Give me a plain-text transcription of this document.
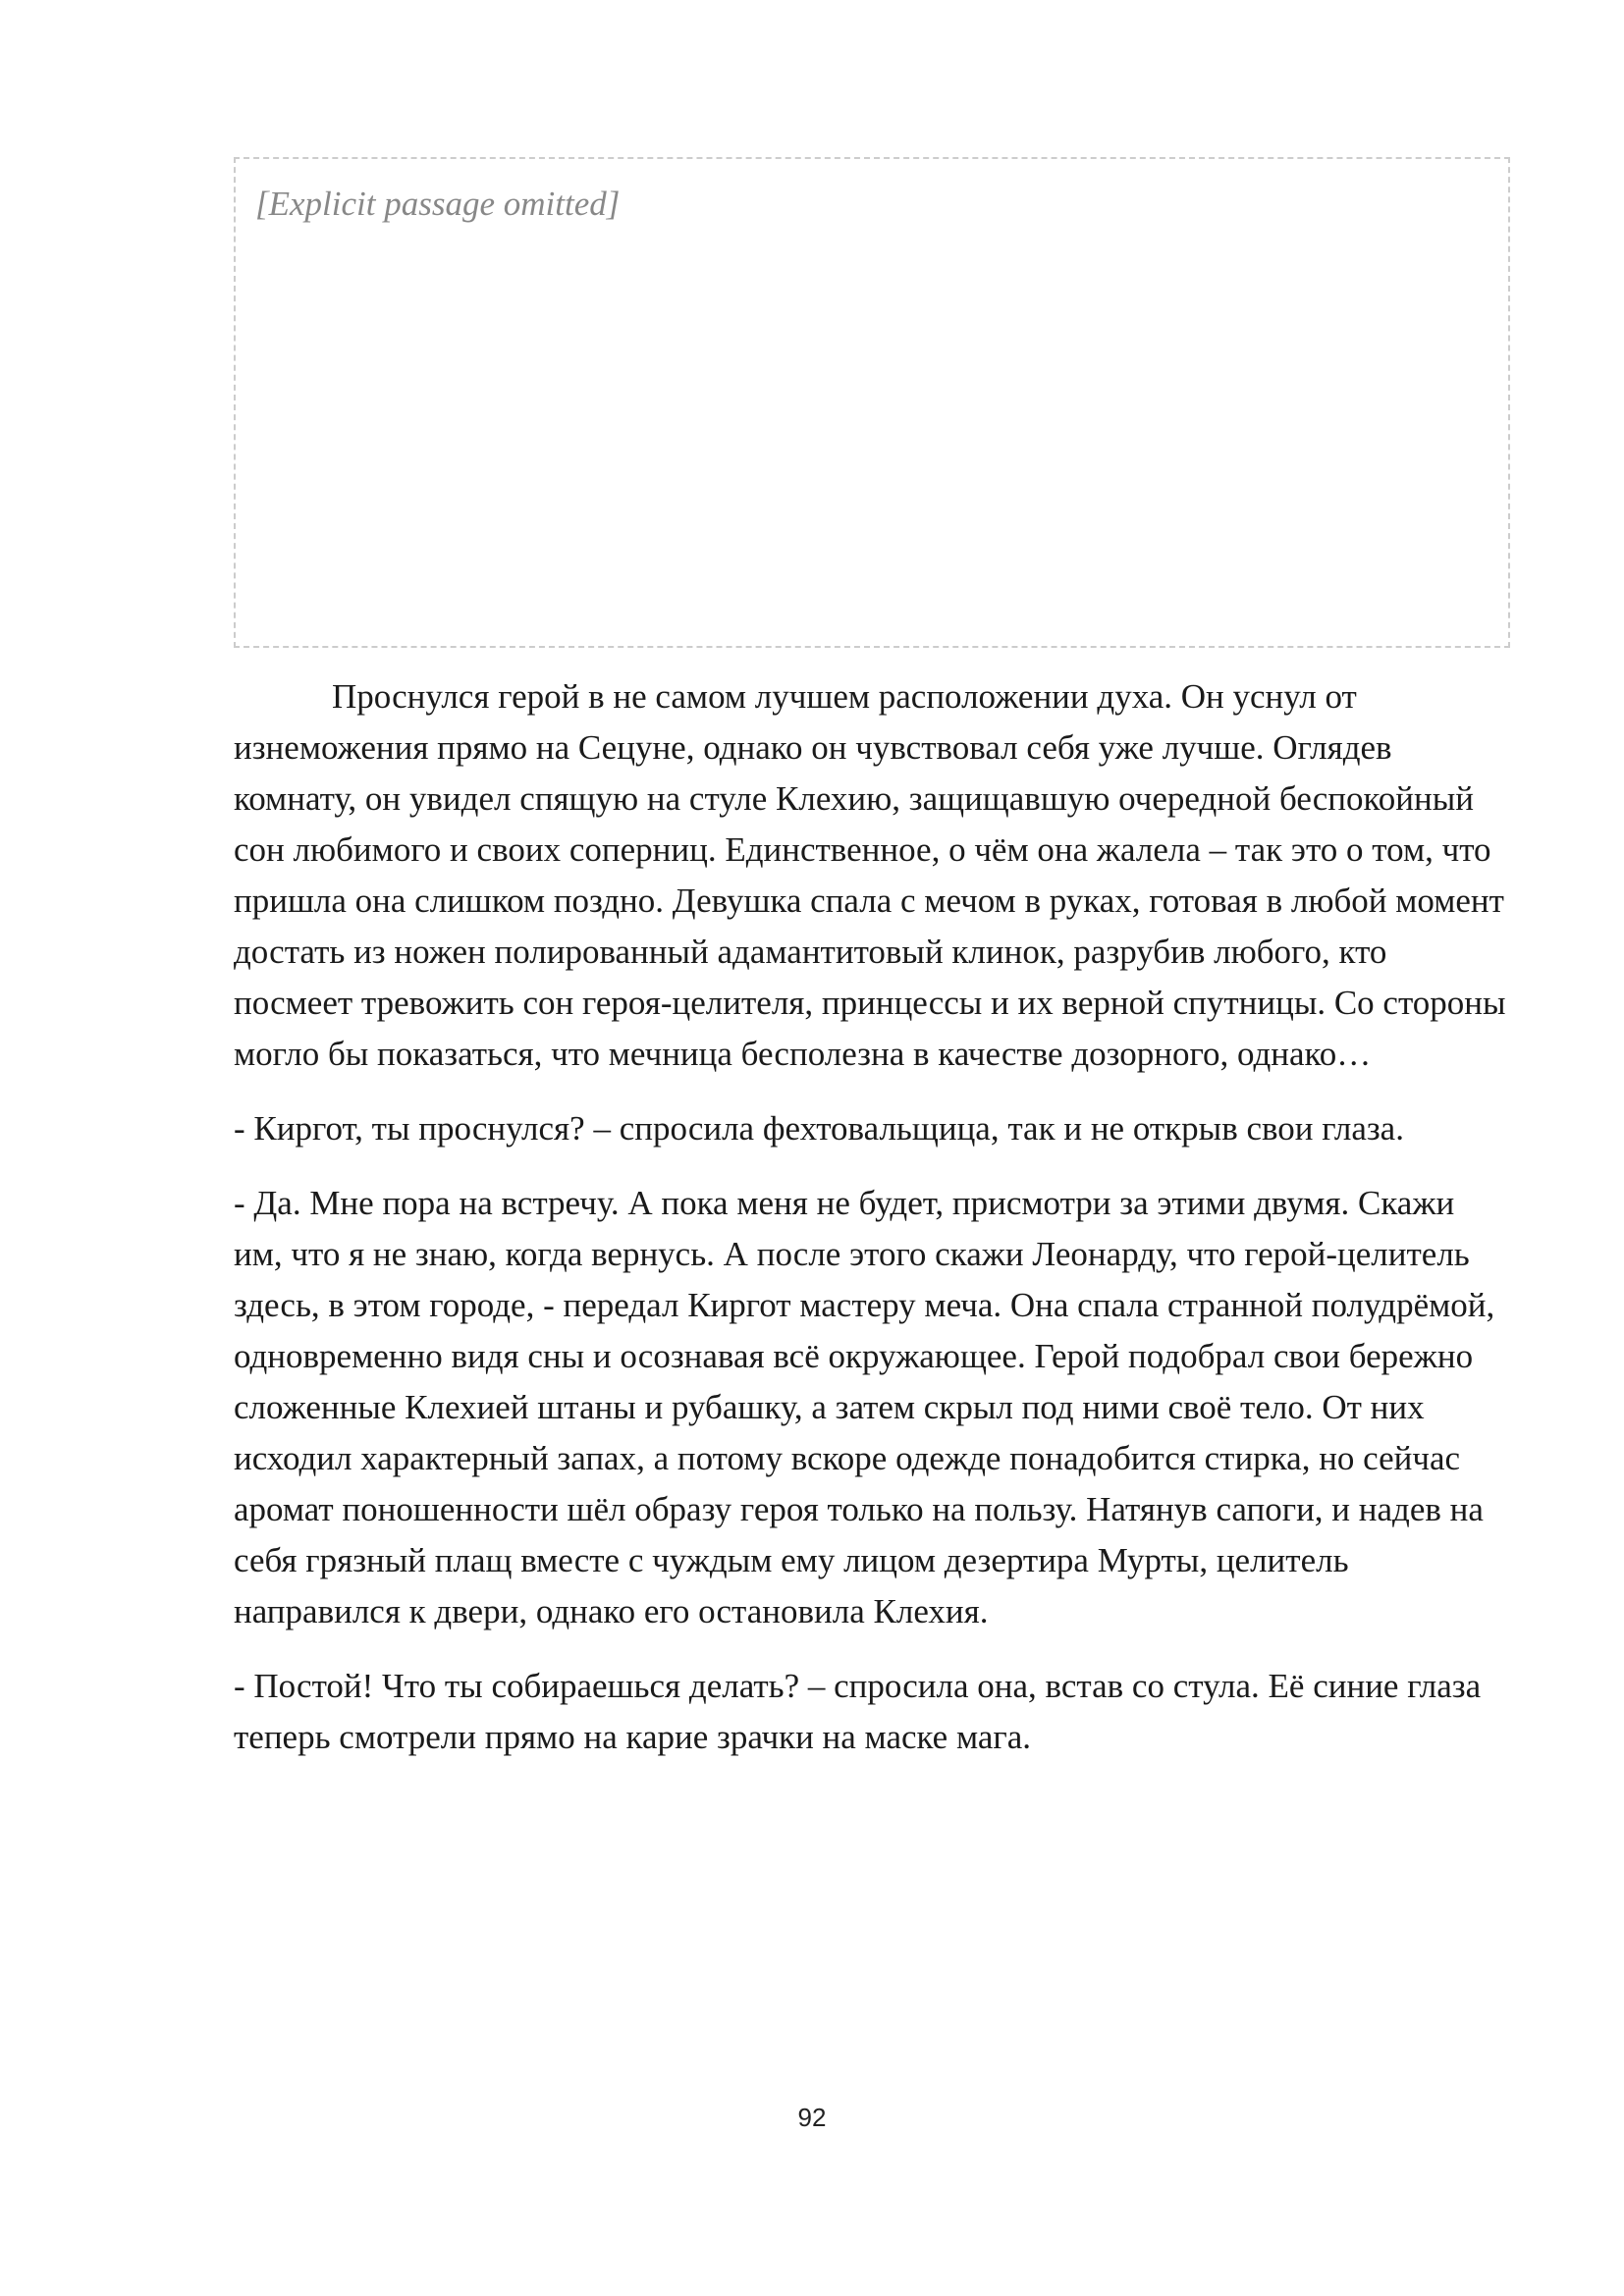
[Explicit passage omitted]

Проснулся герой в не самом лучшем расположении духа. Он уснул от изнеможения прямо на Сецуне, однако он чувствовал себя уже лучше. Оглядев комнату, он увидел спящую на стуле Клехию, защищавшую очередной беспокойный сон любимого и своих соперниц. Единственное, о чём она жалела – так это о том, что пришла она слишком поздно. Девушка спала с мечом в руках, готовая в любой момент достать из ножен полированный адамантитовый клинок, разрубив любого, кто посмеет тревожить сон героя-целителя, принцессы и их верной спутницы. Со стороны могло бы показаться, что мечница бесполезна в качестве дозорного, однако…

- Киргот, ты проснулся? – спросила фехтовальщица, так и не открыв свои глаза.

- Да. Мне пора на встречу. А пока меня не будет, присмотри за этими двумя. Скажи им, что я не знаю, когда вернусь. А после этого скажи Леонарду, что герой-целитель здесь, в этом городе, - передал Киргот мастеру меча. Она спала странной полудрёмой, одновременно видя сны и осознавая всё окружающее. Герой подобрал свои бережно сложенные Клехией штаны и рубашку, а затем скрыл под ними своё тело. От них исходил характерный запах, а потому вскоре одежде понадобится стирка, но сейчас аромат поношенности шёл образу героя только на пользу. Натянув сапоги, и надев на себя грязный плащ вместе с чуждым ему лицом дезертира Мурты, целитель направился к двери, однако его остановила Клехия.

- Постой! Что ты собираешься делать? – спросила она, встав со стула. Её синие глаза теперь смотрели прямо на карие зрачки на маске мага.

92
